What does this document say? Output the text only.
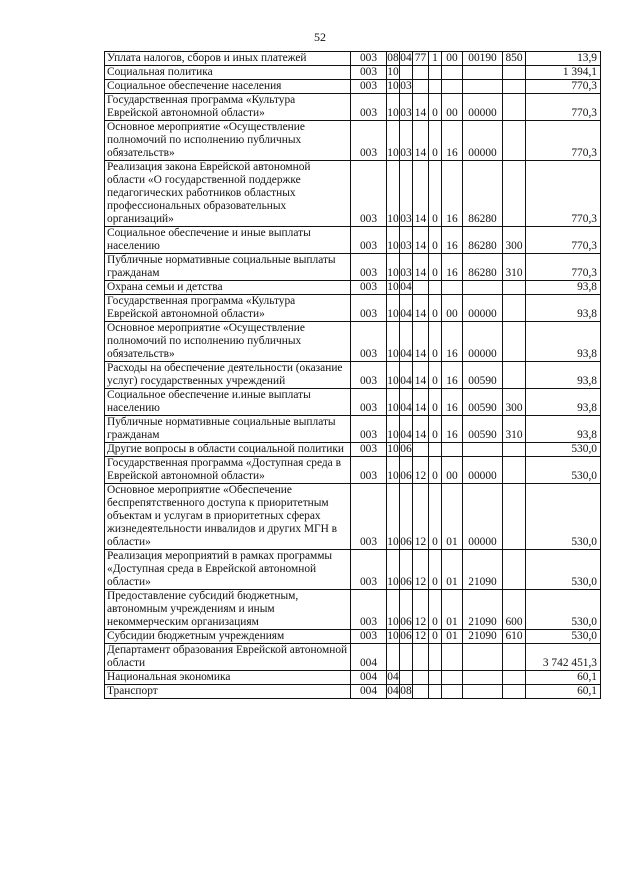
52
Уплата налогов, сборов и иных платежей	003	08	04	77	1	00	00190	850	13,9
Социальная политика	003	10							1 394,1
Социальное обеспечение населения	003	10	03						770,3
Государственная программа «Культура Еврейской автономной области»	003	10	03	14	0	00	00000		770,3
Основное мероприятие «Осуществление полномочий по исполнению публичных обязательств»	003	10	03	14	0	16	00000		770,3
Реализация закона Еврейской автономной области «О государственной поддержке педагогических работников областных профессиональных образовательных организаций»	003	10	03	14	0	16	86280		770,3
Социальное обеспечение и иные выплаты населению	003	10	03	14	0	16	86280	300	770,3
Публичные нормативные социальные выплаты гражданам	003	10	03	14	0	16	86280	310	770,3
Охрана семьи и детства	003	10	04						93,8
Государственная программа «Культура Еврейской автономной области»	003	10	04	14	0	00	00000		93,8
Основное мероприятие «Осуществление полномочий по исполнению публичных обязательств»	003	10	04	14	0	16	00000		93,8
Расходы на обеспечение деятельности (оказание услуг) государственных учреждений	003	10	04	14	0	16	00590		93,8
Социальное обеспечение и.иные выплаты населению	003	10	04	14	0	16	00590	300	93,8
Публичные нормативные социальные выплаты гражданам	003	10	04	14	0	16	00590	310	93,8
Другие вопросы в области социальной политики	003	10	06						530,0
Государственная программа «Доступная среда в Еврейской автономной области»	003	10	06	12	0	00	00000		530,0
Основное мероприятие «Обеспечение беспрепятственного доступа к приоритетным объектам и услугам в приоритетных сферах жизнедеятельности инвалидов и других МГН в области»	003	10	06	12	0	01	00000		530,0
Реализация мероприятий в рамках программы «Доступная среда в Еврейской автономной области»	003	10	06	12	0	01	21090		530,0
Предоставление субсидий бюджетным, автономным учреждениям и иным некоммерческим организациям	003	10	06	12	0	01	21090	600	530,0
Субсидии бюджетным учреждениям	003	10	06	12	0	01	21090	610	530,0
Департамент образования Еврейской автономной области	004								3 742 451,3
Национальная экономика	004	04							60,1
Транспорт	004	04	08						60,1
